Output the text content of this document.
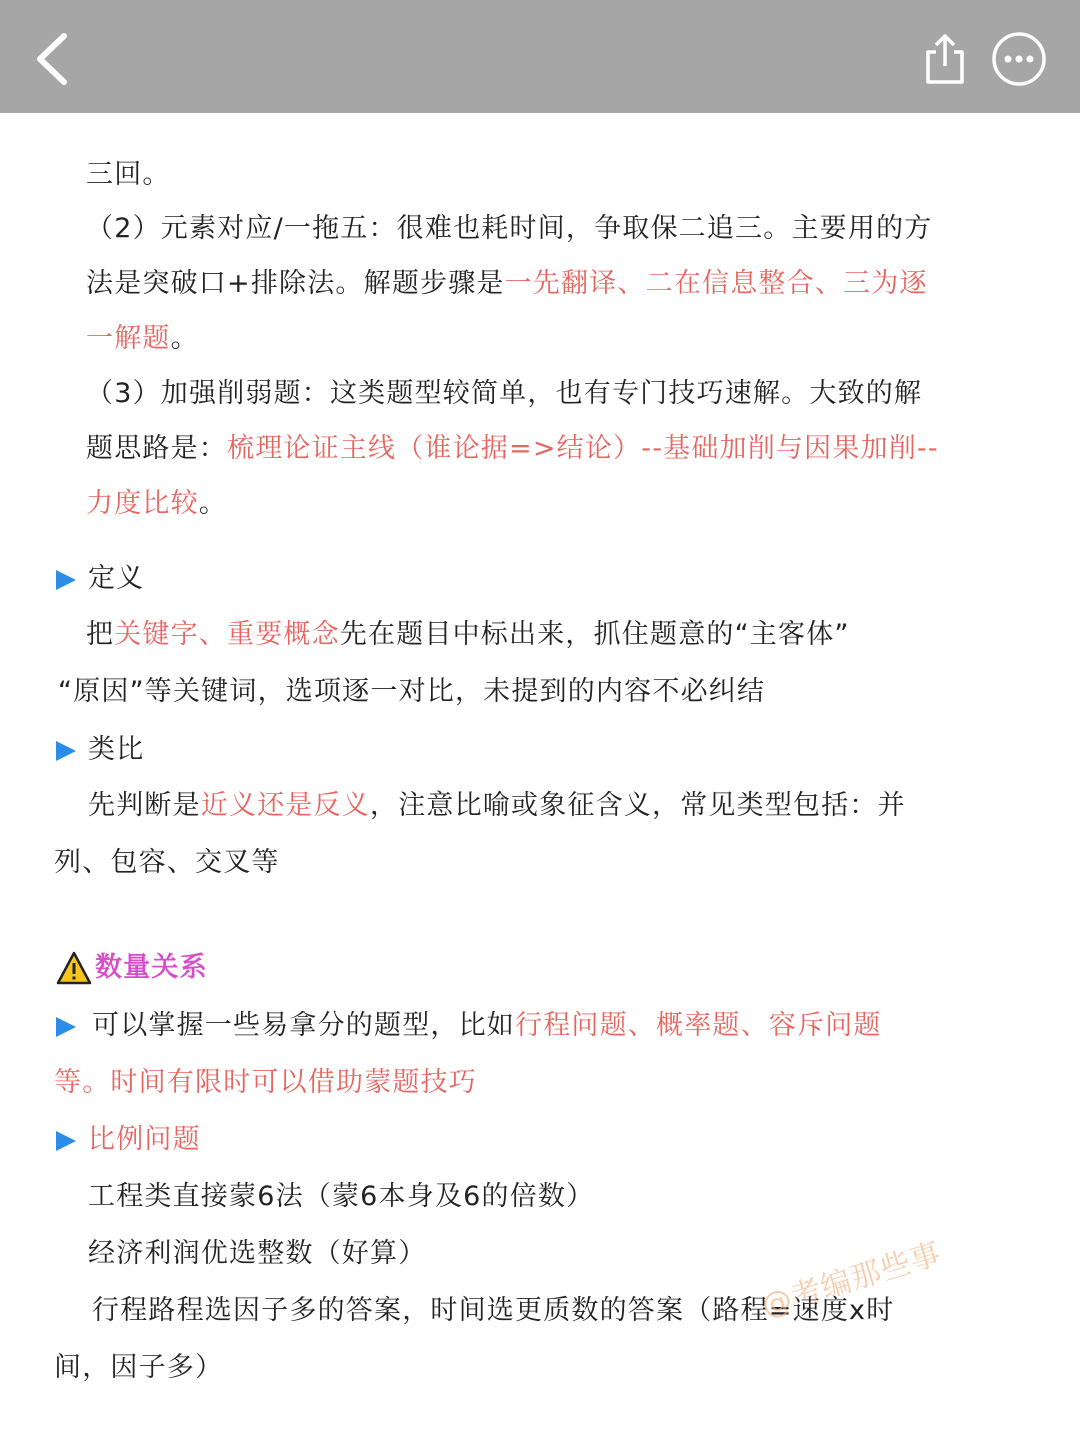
三回。

（2）元素对应/一拖五：很难也耗时间，争取保二追三。主要用的方

法是突破口+排除法。解题步骤是一先翻译、二在信息整合、三为逐

一解题。

（3）加强削弱题：这类题型较简单，也有专门技巧速解。大致的解

题思路是：梳理论证主线（谁论据=>结论）--基础加削与因果加削--

力度比较。

定义

把关键字、重要概念先在题目中标出来，抓住题意的“主客体”

“原因”等关键词，选项逐一对比，未提到的内容不必纠结

类比

先判断是近义还是反义，注意比喻或象征含义，常见类型包括：并

列、包容、交叉等

数量关系

可以掌握一些易拿分的题型，比如行程问题、概率题、容斥问题

等。时间有限时可以借助蒙题技巧

比例问题

工程类直接蒙6法（蒙6本身及6的倍数）

经济利润优选整数（好算）

行程路程选因子多的答案，时间选更质数的答案（路程=速度x时

间，因子多）

@考编那些事
